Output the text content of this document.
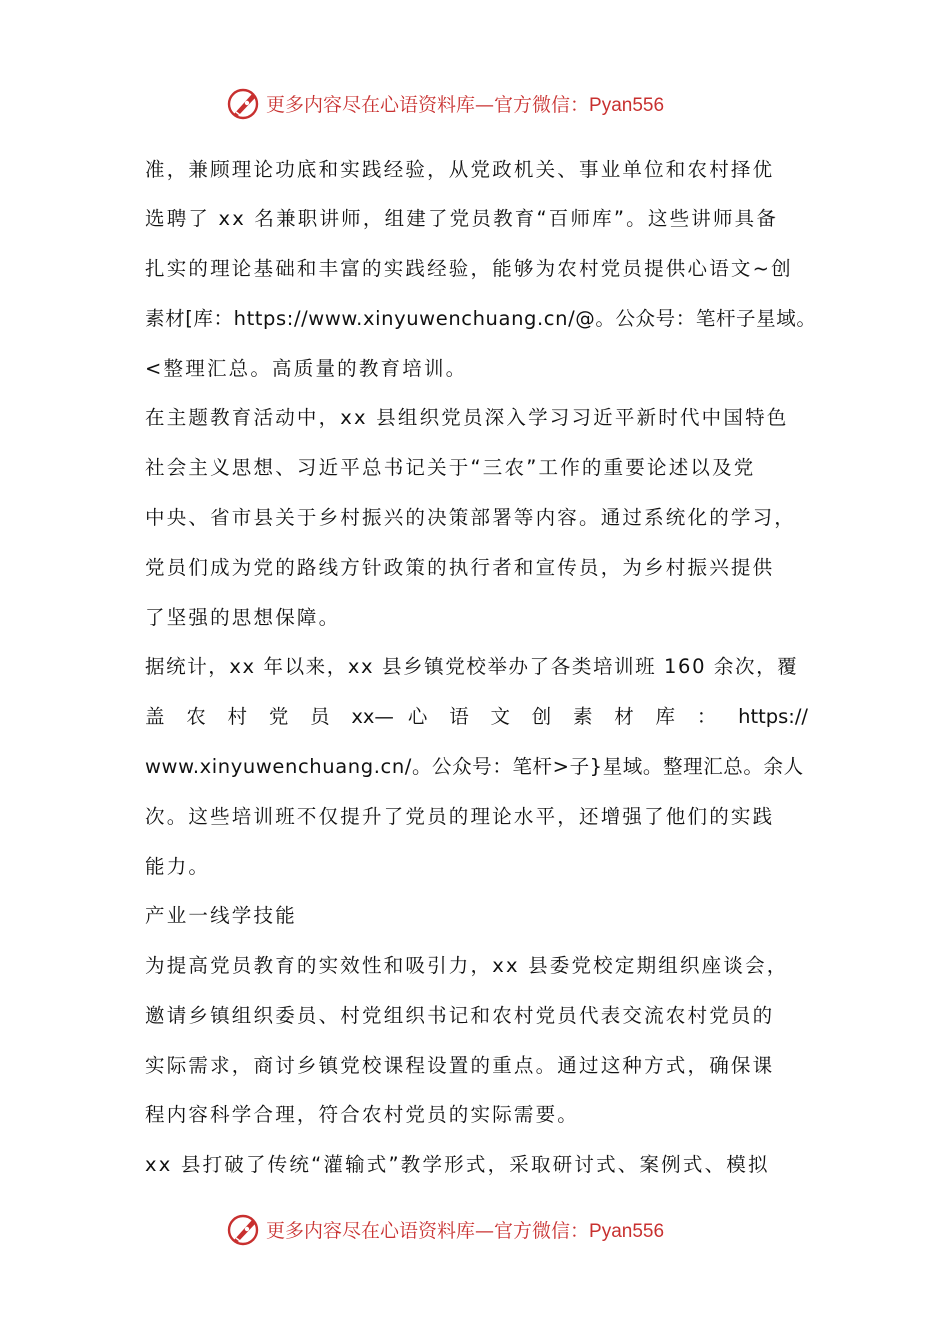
更多内容尽在心语资料库—官方微信：Pyan556
准，兼顾理论功底和实践经验，从党政机关、事业单位和农村择优
选聘了 xx 名兼职讲师，组建了党员教育“百师库”。这些讲师具备
扎实的理论基础和丰富的实践经验，能够为农村党员提供心语文~创
素材[库：https://www.xinyuwenchuang.cn/@。公众号：笔杆子星域。
<整理汇总。高质量的教育培训。
在主题教育活动中，xx 县组织党员深入学习习近平新时代中国特色
社会主义思想、习近平总书记关于“三农”工作的重要论述以及党
中央、省市县关于乡村振兴的决策部署等内容。通过系统化的学习，
党员们成为党的路线方针政策的执行者和宣传员，为乡村振兴提供
了坚强的思想保障。
据统计，xx 年以来，xx 县乡镇党校举办了各类培训班 160 余次，覆
盖 农 村 党 员 xx— 心 语 文 创 素 材 库 ： https://
www.xinyuwenchuang.cn/。公众号：笔杆>子}星域。整理汇总。余人
次。这些培训班不仅提升了党员的理论水平，还增强了他们的实践
能力。
产业一线学技能
为提高党员教育的实效性和吸引力，xx 县委党校定期组织座谈会，
邀请乡镇组织委员、村党组织书记和农村党员代表交流农村党员的
实际需求，商讨乡镇党校课程设置的重点。通过这种方式，确保课
程内容科学合理，符合农村党员的实际需要。
xx 县打破了传统“灌输式”教学形式，采取研讨式、案例式、模拟
更多内容尽在心语资料库—官方微信：Pyan556
